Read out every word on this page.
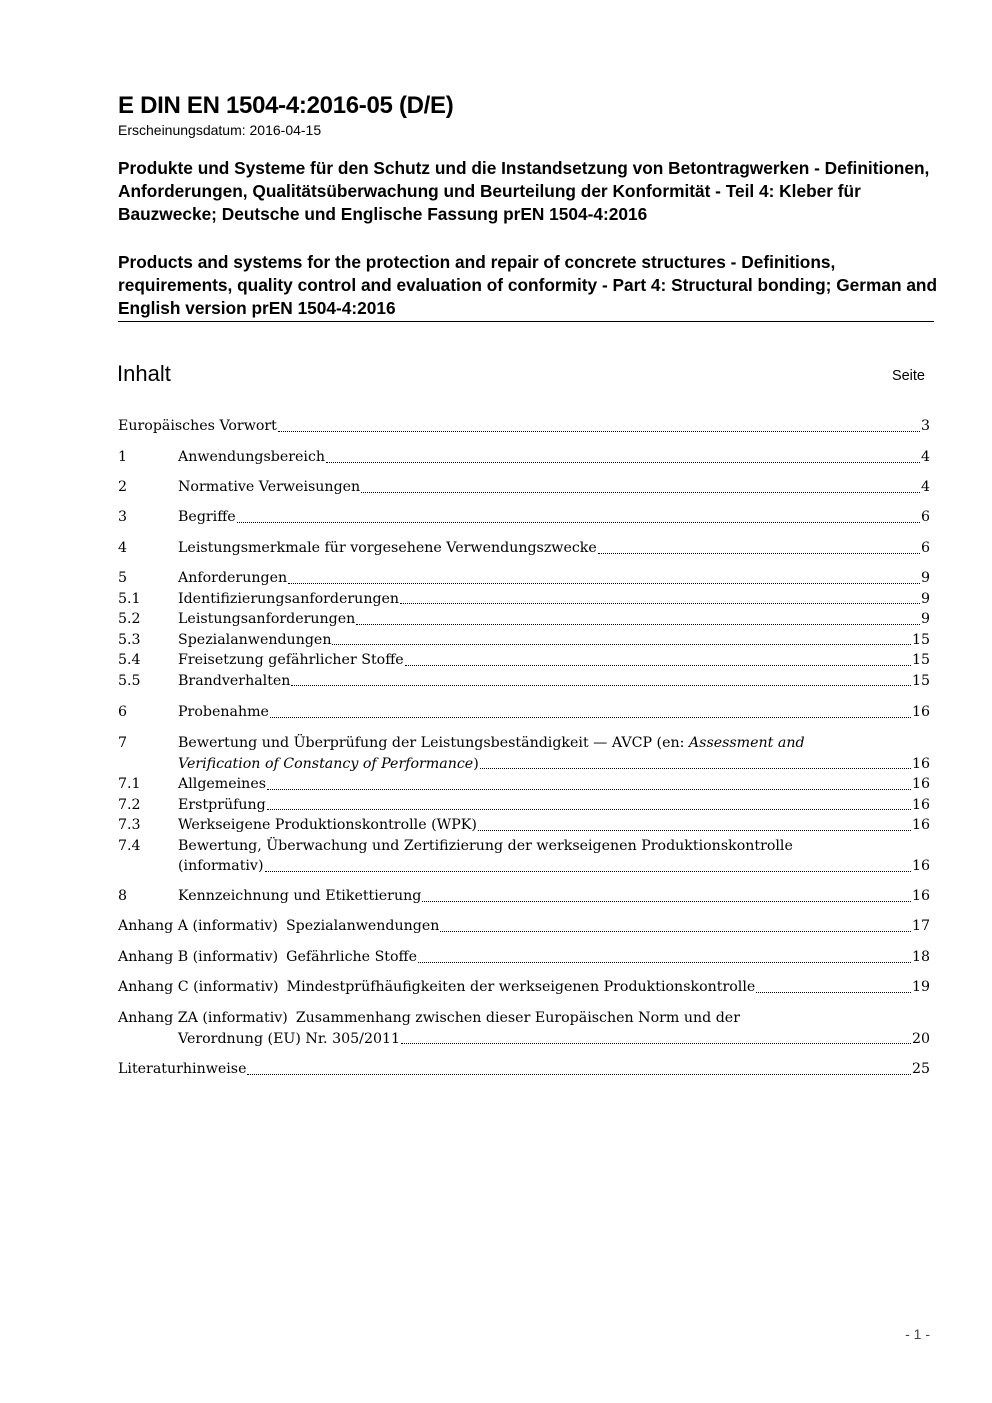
E DIN EN 1504-4:2016-05 (D/E)
Erscheinungsdatum: 2016-04-15
Produkte und Systeme für den Schutz und die Instandsetzung von Betontragwerken - Definitionen, Anforderungen, Qualitätsüberwachung und Beurteilung der Konformität - Teil 4: Kleber für Bauzwecke; Deutsche und Englische Fassung prEN 1504-4:2016
Products and systems for the protection and repair of concrete structures - Definitions, requirements, quality control and evaluation of conformity - Part 4: Structural bonding; German and English version prEN 1504-4:2016
Inhalt	Seite
Europäisches Vorwort	3
1	Anwendungsbereich	4
2	Normative Verweisungen	4
3	Begriffe	6
4	Leistungsmerkmale für vorgesehene Verwendungszwecke	6
5	Anforderungen	9
5.1	Identifizierungsanforderungen	9
5.2	Leistungsanforderungen	9
5.3	Spezialanwendungen	15
5.4	Freisetzung gefährlicher Stoffe	15
5.5	Brandverhalten	15
6	Probenahme	16
7	Bewertung und Überprüfung der Leistungsbeständigkeit — AVCP (en: Assessment and
Verification of Constancy of Performance)	16
7.1	Allgemeines	16
7.2	Erstprüfung	16
7.3	Werkseigene Produktionskontrolle (WPK)	16
7.4	Bewertung, Überwachung und Zertifizierung der werkseigenen Produktionskontrolle
(informativ)	16
8	Kennzeichnung und Etikettierung	16
Anhang A (informativ) Spezialanwendungen	17
Anhang B (informativ) Gefährliche Stoffe	18
Anhang C (informativ) Mindestprüfhäufigkeiten der werkseigenen Produktionskontrolle	19
Anhang ZA (informativ) Zusammenhang zwischen dieser Europäischen Norm und der
Verordnung (EU) Nr. 305/2011	20
Literaturhinweise	25
- 1 -
